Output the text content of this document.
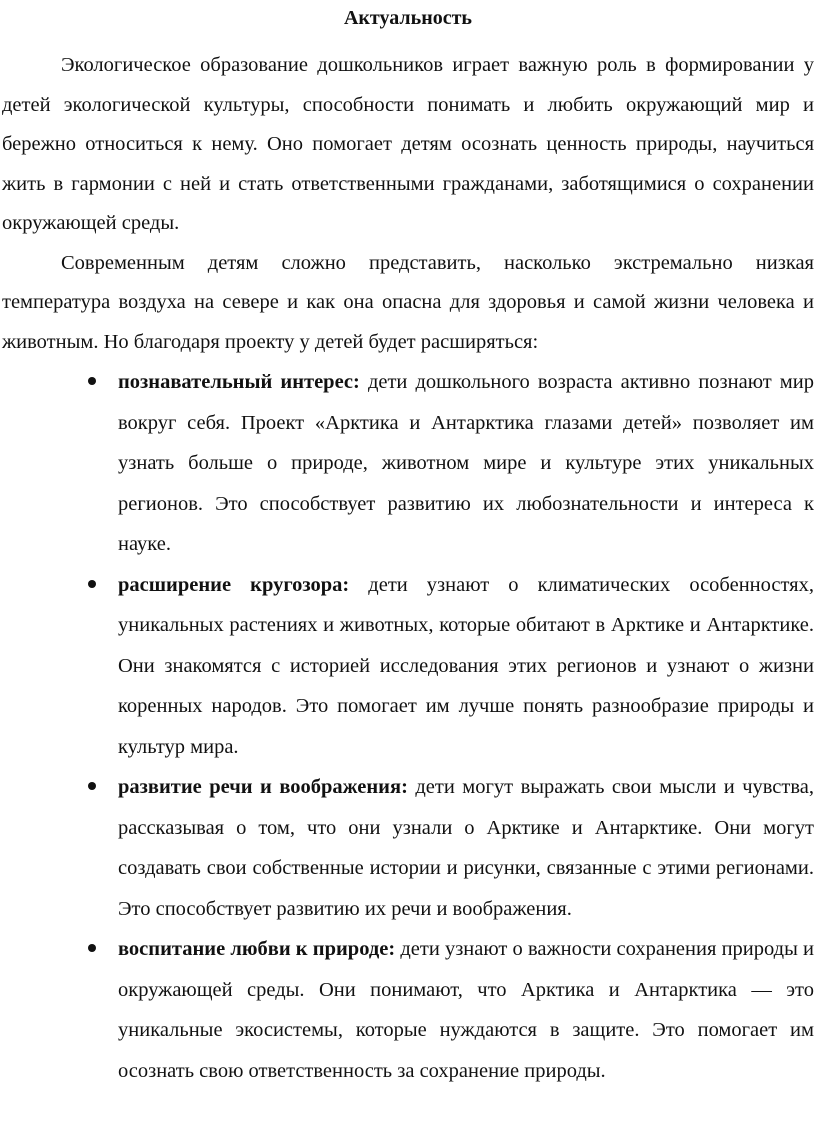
Актуальность

Экологическое образование дошкольников играет важную роль в формировании у детей экологической культуры, способности понимать и любить окружающий мир и бережно относиться к нему. Оно помогает детям осознать ценность природы, научиться жить в гармонии с ней и стать ответственными гражданами, заботящимися о сохранении окружающей среды.

Современным детям сложно представить, насколько экстремально низкая температура воздуха на севере и как она опасна для здоровья и самой жизни человека и животным. Но благодаря проекту у детей будет расширяться:

познавательный интерес: дети дошкольного возраста активно познают мир вокруг себя. Проект «Арктика и Антарктика глазами детей» позволяет им узнать больше о природе, животном мире и культуре этих уникальных регионов. Это способствует развитию их любознательности и интереса к науке.
расширение кругозора: дети узнают о климатических особенностях, уникальных растениях и животных, которые обитают в Арктике и Антарктике. Они знакомятся с историей исследования этих регионов и узнают о жизни коренных народов. Это помогает им лучше понять разнообразие природы и культур мира.
развитие речи и воображения: дети могут выражать свои мысли и чувства, рассказывая о том, что они узнали о Арктике и Антарктике. Они могут создавать свои собственные истории и рисунки, связанные с этими регионами. Это способствует развитию их речи и воображения.
воспитание любви к природе: дети узнают о важности сохранения природы и окружающей среды. Они понимают, что Арктика и Антарктика — это уникальные экосистемы, которые нуждаются в защите. Это помогает им осознать свою ответственность за сохранение природы.
